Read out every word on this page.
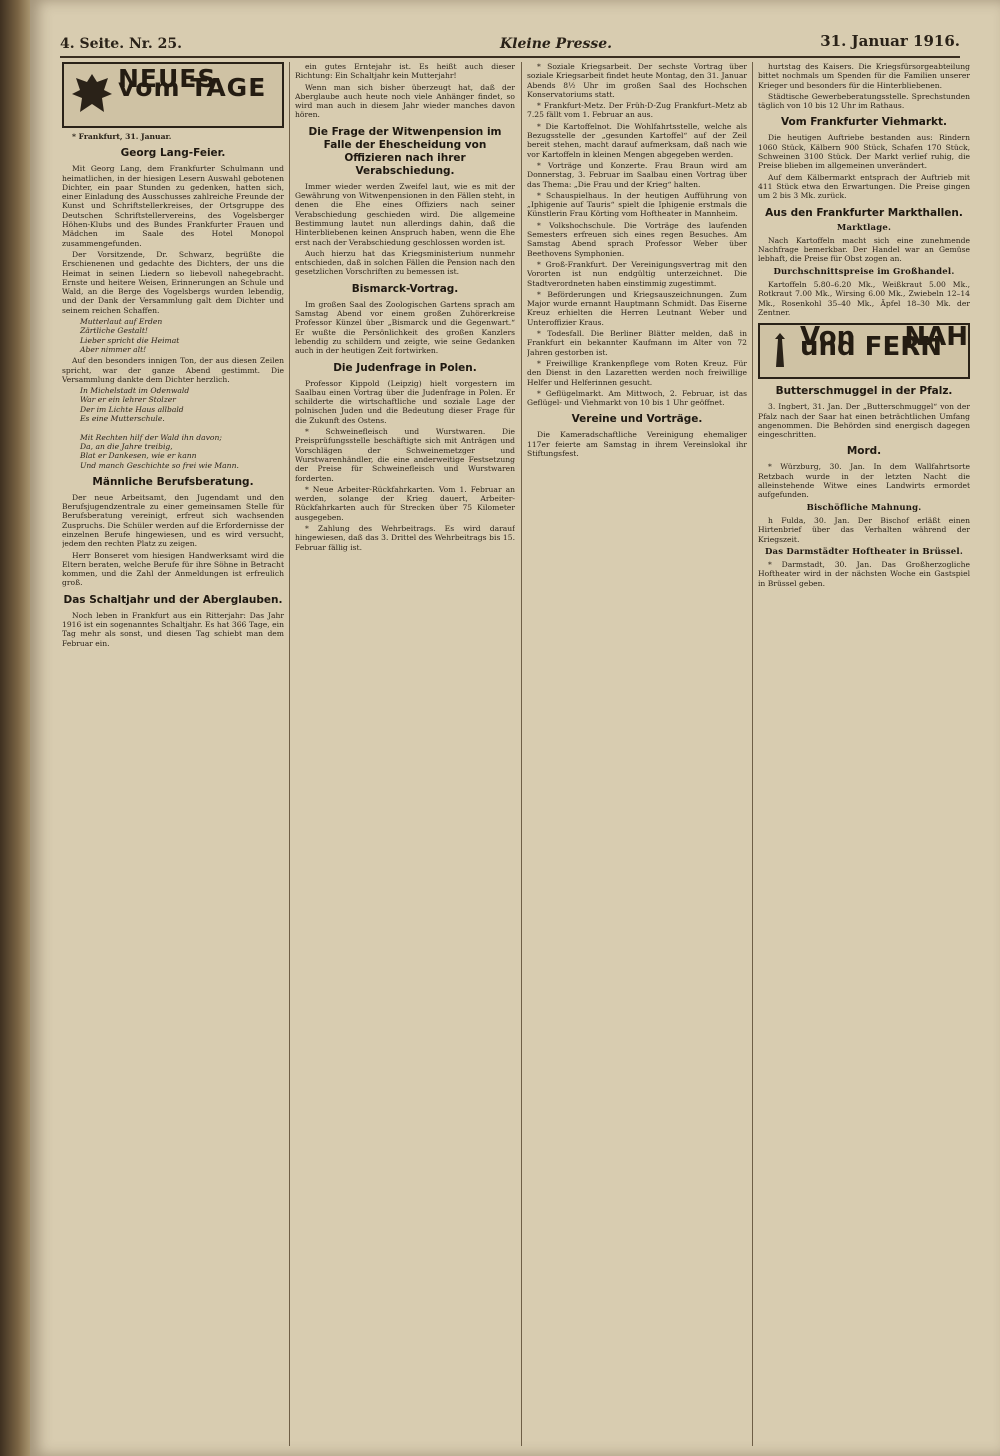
4. Seite. Nr. 25.	Kleine Presse.	31. Januar 1916.
NEUES vom TAGE

* Frankfurt, 31. Januar.

Georg Lang-Feier.

Mit Georg Lang, dem Frankfurter Schulmann und heimatlichen, in der hiesigen Lesern Auswahl gebotenen Dichter, ein paar Stunden zu gedenken, hatten sich, einer Einladung des Ausschusses zahlreiche Freunde der Kunst und Schriftstellerkreises, der Ortsgruppe des Deutschen Schriftstellervereins, des Vogelsberger Höhen-Klubs und des Bundes Frankfurter Frauen und Mädchen im Saale des Hotel Monopol zusammengefunden.

Der Vorsitzende, Dr. Schwarz, begrüßte die Erschienenen und gedachte des Dichters, der uns die Heimat in seinen Liedern so liebevoll nahegebracht. Ernste und heitere Weisen, Erinnerungen an Schule und Wald, an die Berge des Vogelsbergs wurden lebendig, und der Dank der Versammlung galt dem Dichter und seinem reichen Schaffen.

Mutterlaut auf Erden
Zärtliche Gestalt!
Lieber spricht die Heimat
Aber nimmer alt!

Auf den besonders innigen Ton, der aus diesen Zeilen spricht, war der ganze Abend gestimmt. Die Versammlung dankte dem Dichter herzlich.

In Michelstadt im Odenwald
War er ein lehrer Stolzer
Der im Lichte Haus allbald
Es eine Mutterschule.

Mit Rechten hilf der Wald ihn davon;
Da, an die Jahre treibig,
Blat er Dankesen, wie er kann
Und manch Geschichte so frei wie Mann.

Männliche Berufsberatung.

Der neue Arbeitsamt, den Jugendamt und den Berufsjugendzentrale zu einer gemeinsamen Stelle für Berufsberatung vereinigt, erfreut sich wachsenden Zuspruchs. Die Schüler werden auf die Erfordernisse der einzelnen Berufe hingewiesen, und es wird versucht, jedem den rechten Platz zu zeigen.

Herr Bonseret vom hiesigen Handwerksamt wird die Eltern beraten, welche Berufe für ihre Söhne in Betracht kommen, und die Zahl der Anmeldungen ist erfreulich groß.

Das Schaltjahr und der Aberglauben.

Noch leben in Frankfurt aus ein Ritterjahr: Das Jahr 1916 ist ein sogenanntes Schaltjahr. Es hat 366 Tage, ein Tag mehr als sonst, und diesen Tag schiebt man dem Februar ein.

ein gutes Erntejahr ist. Es heißt auch dieser Richtung: Ein Schaltjahr kein Mutterjahr!

Wenn man sich bisher überzeugt hat, daß der Aberglaube auch heute noch viele Anhänger findet, so wird man auch in diesem Jahr wieder manches davon hören.

Die Frage der Witwenpension im Falle der Ehescheidung von Offizieren nach ihrer Verabschiedung.

Immer wieder werden Zweifel laut, wie es mit der Gewährung von Witwenpensionen in den Fällen steht, in denen die Ehe eines Offiziers nach seiner Verabschiedung geschieden wird. Die allgemeine Bestimmung lautet nun allerdings dahin, daß die Hinterbliebenen keinen Anspruch haben, wenn die Ehe erst nach der Verabschiedung geschlossen worden ist.

Auch hierzu hat das Kriegsministerium nunmehr entschieden, daß in solchen Fällen die Pension nach den gesetzlichen Vorschriften zu bemessen ist.

Bismarck-Vortrag.

Im großen Saal des Zoologischen Gartens sprach am Samstag Abend vor einem großen Zuhörerkreise Professor Künzel über „Bismarck und die Gegenwart.“ Er wußte die Persönlichkeit des großen Kanzlers lebendig zu schildern und zeigte, wie seine Gedanken auch in der heutigen Zeit fortwirken.

Die Judenfrage in Polen.

Professor Kippold (Leipzig) hielt vorgestern im Saalbau einen Vortrag über die Judenfrage in Polen. Er schilderte die wirtschaftliche und soziale Lage der polnischen Juden und die Bedeutung dieser Frage für die Zukunft des Ostens.

* Schweinefleisch und Wurstwaren. Die Preisprüfungsstelle beschäftigte sich mit Anträgen und Vorschlägen der Schweinemetzger und Wurstwarenhändler, die eine anderweitige Festsetzung der Preise für Schweinefleisch und Wurstwaren forderten.

* Neue Arbeiter-Rückfahrkarten. Vom 1. Februar an werden, solange der Krieg dauert, Arbeiter-Rückfahrkarten auch für Strecken über 75 Kilometer ausgegeben.

* Zahlung des Wehrbeitrags. Es wird darauf hingewiesen, daß das 3. Drittel des Wehrbeitrags bis 15. Februar fällig ist.

* Soziale Kriegsarbeit. Der sechste Vortrag über soziale Kriegsarbeit findet heute Montag, den 31. Januar Abends 8½ Uhr im großen Saal des Hochschen Konservatoriums statt.

* Frankfurt-Metz. Der Früh-D-Zug Frankfurt–Metz ab 7.25 fällt vom 1. Februar an aus.

* Die Kartoffelnot. Die Wohlfahrtsstelle, welche als Bezugsstelle der „gesunden Kartoffel“ auf der Zeil bereit stehen, macht darauf aufmerksam, daß nach wie vor Kartoffeln in kleinen Mengen abgegeben werden.

* Vorträge und Konzerte. Frau Braun wird am Donnerstag, 3. Februar im Saalbau einen Vortrag über das Thema: „Die Frau und der Krieg“ halten.

* Schauspielhaus. In der heutigen Aufführung von „Iphigenie auf Tauris“ spielt die Iphigenie erstmals die Künstlerin Frau Körting vom Hoftheater in Mannheim.

* Volkshochschule. Die Vorträge des laufenden Semesters erfreuen sich eines regen Besuches. Am Samstag Abend sprach Professor Weber über Beethovens Symphonien.

* Groß-Frankfurt. Der Vereinigungsvertrag mit den Vororten ist nun endgültig unterzeichnet. Die Stadtverordneten haben einstimmig zugestimmt.

* Beförderungen und Kriegsauszeichnungen. Zum Major wurde ernannt Hauptmann Schmidt. Das Eiserne Kreuz erhielten die Herren Leutnant Weber und Unteroffizier Kraus.

* Todesfall. Die Berliner Blätter melden, daß in Frankfurt ein bekannter Kaufmann im Alter von 72 Jahren gestorben ist.

* Freiwillige Krankenpflege vom Roten Kreuz. Für den Dienst in den Lazaretten werden noch freiwillige Helfer und Helferinnen gesucht.

* Geflügelmarkt. Am Mittwoch, 2. Februar, ist das Geflügel- und Viehmarkt von 10 bis 1 Uhr geöffnet.

Vereine und Vorträge.

Die Kameradschaftliche Vereinigung ehemaliger 117er feierte am Samstag in ihrem Vereinslokal ihr Stiftungsfest.

hurtstag des Kaisers. Die Kriegsfürsorgeabteilung bittet nochmals um Spenden für die Familien unserer Krieger und besonders für die Hinterbliebenen.

Städtische Gewerbeberatungsstelle. Sprechstunden täglich von 10 bis 12 Uhr im Rathaus.

Vom Frankfurter Viehmarkt.

Die heutigen Auftriebe bestanden aus: Rindern 1060 Stück, Kälbern 900 Stück, Schafen 170 Stück, Schweinen 3100 Stück. Der Markt verlief ruhig, die Preise blieben im allgemeinen unverändert.

Auf dem Kälbermarkt entsprach der Auftrieb mit 411 Stück etwa den Erwartungen. Die Preise gingen um 2 bis 3 Mk. zurück.

Aus den Frankfurter Markthallen.
Marktlage.

Nach Kartoffeln macht sich eine zunehmende Nachfrage bemerkbar. Der Handel war an Gemüse lebhaft, die Preise für Obst zogen an.

Durchschnittspreise im Großhandel.

Kartoffeln 5.80–6.20 Mk., Weißkraut 5.00 Mk., Rotkraut 7.00 Mk., Wirsing 6.00 Mk., Zwiebeln 12–14 Mk., Rosenkohl 35–40 Mk., Äpfel 18–30 Mk. der Zentner.

Von NAH und FERN
Butterschmuggel in der Pfalz.

3. Ingbert, 31. Jan. Der „Butterschmuggel“ von der Pfalz nach der Saar hat einen beträchtlichen Umfang angenommen. Die Behörden sind energisch dagegen eingeschritten.

Mord.

* Würzburg, 30. Jan. In dem Wallfahrtsorte Retzbach wurde in der letzten Nacht die alleinstehende Witwe eines Landwirts ermordet aufgefunden.

Bischöfliche Mahnung.

h Fulda, 30. Jan. Der Bischof erläßt einen Hirtenbrief über das Verhalten während der Kriegszeit.

Das Darmstädter Hoftheater in Brüssel.

* Darmstadt, 30. Jan. Das Großherzogliche Hoftheater wird in der nächsten Woche ein Gastspiel in Brüssel geben.
